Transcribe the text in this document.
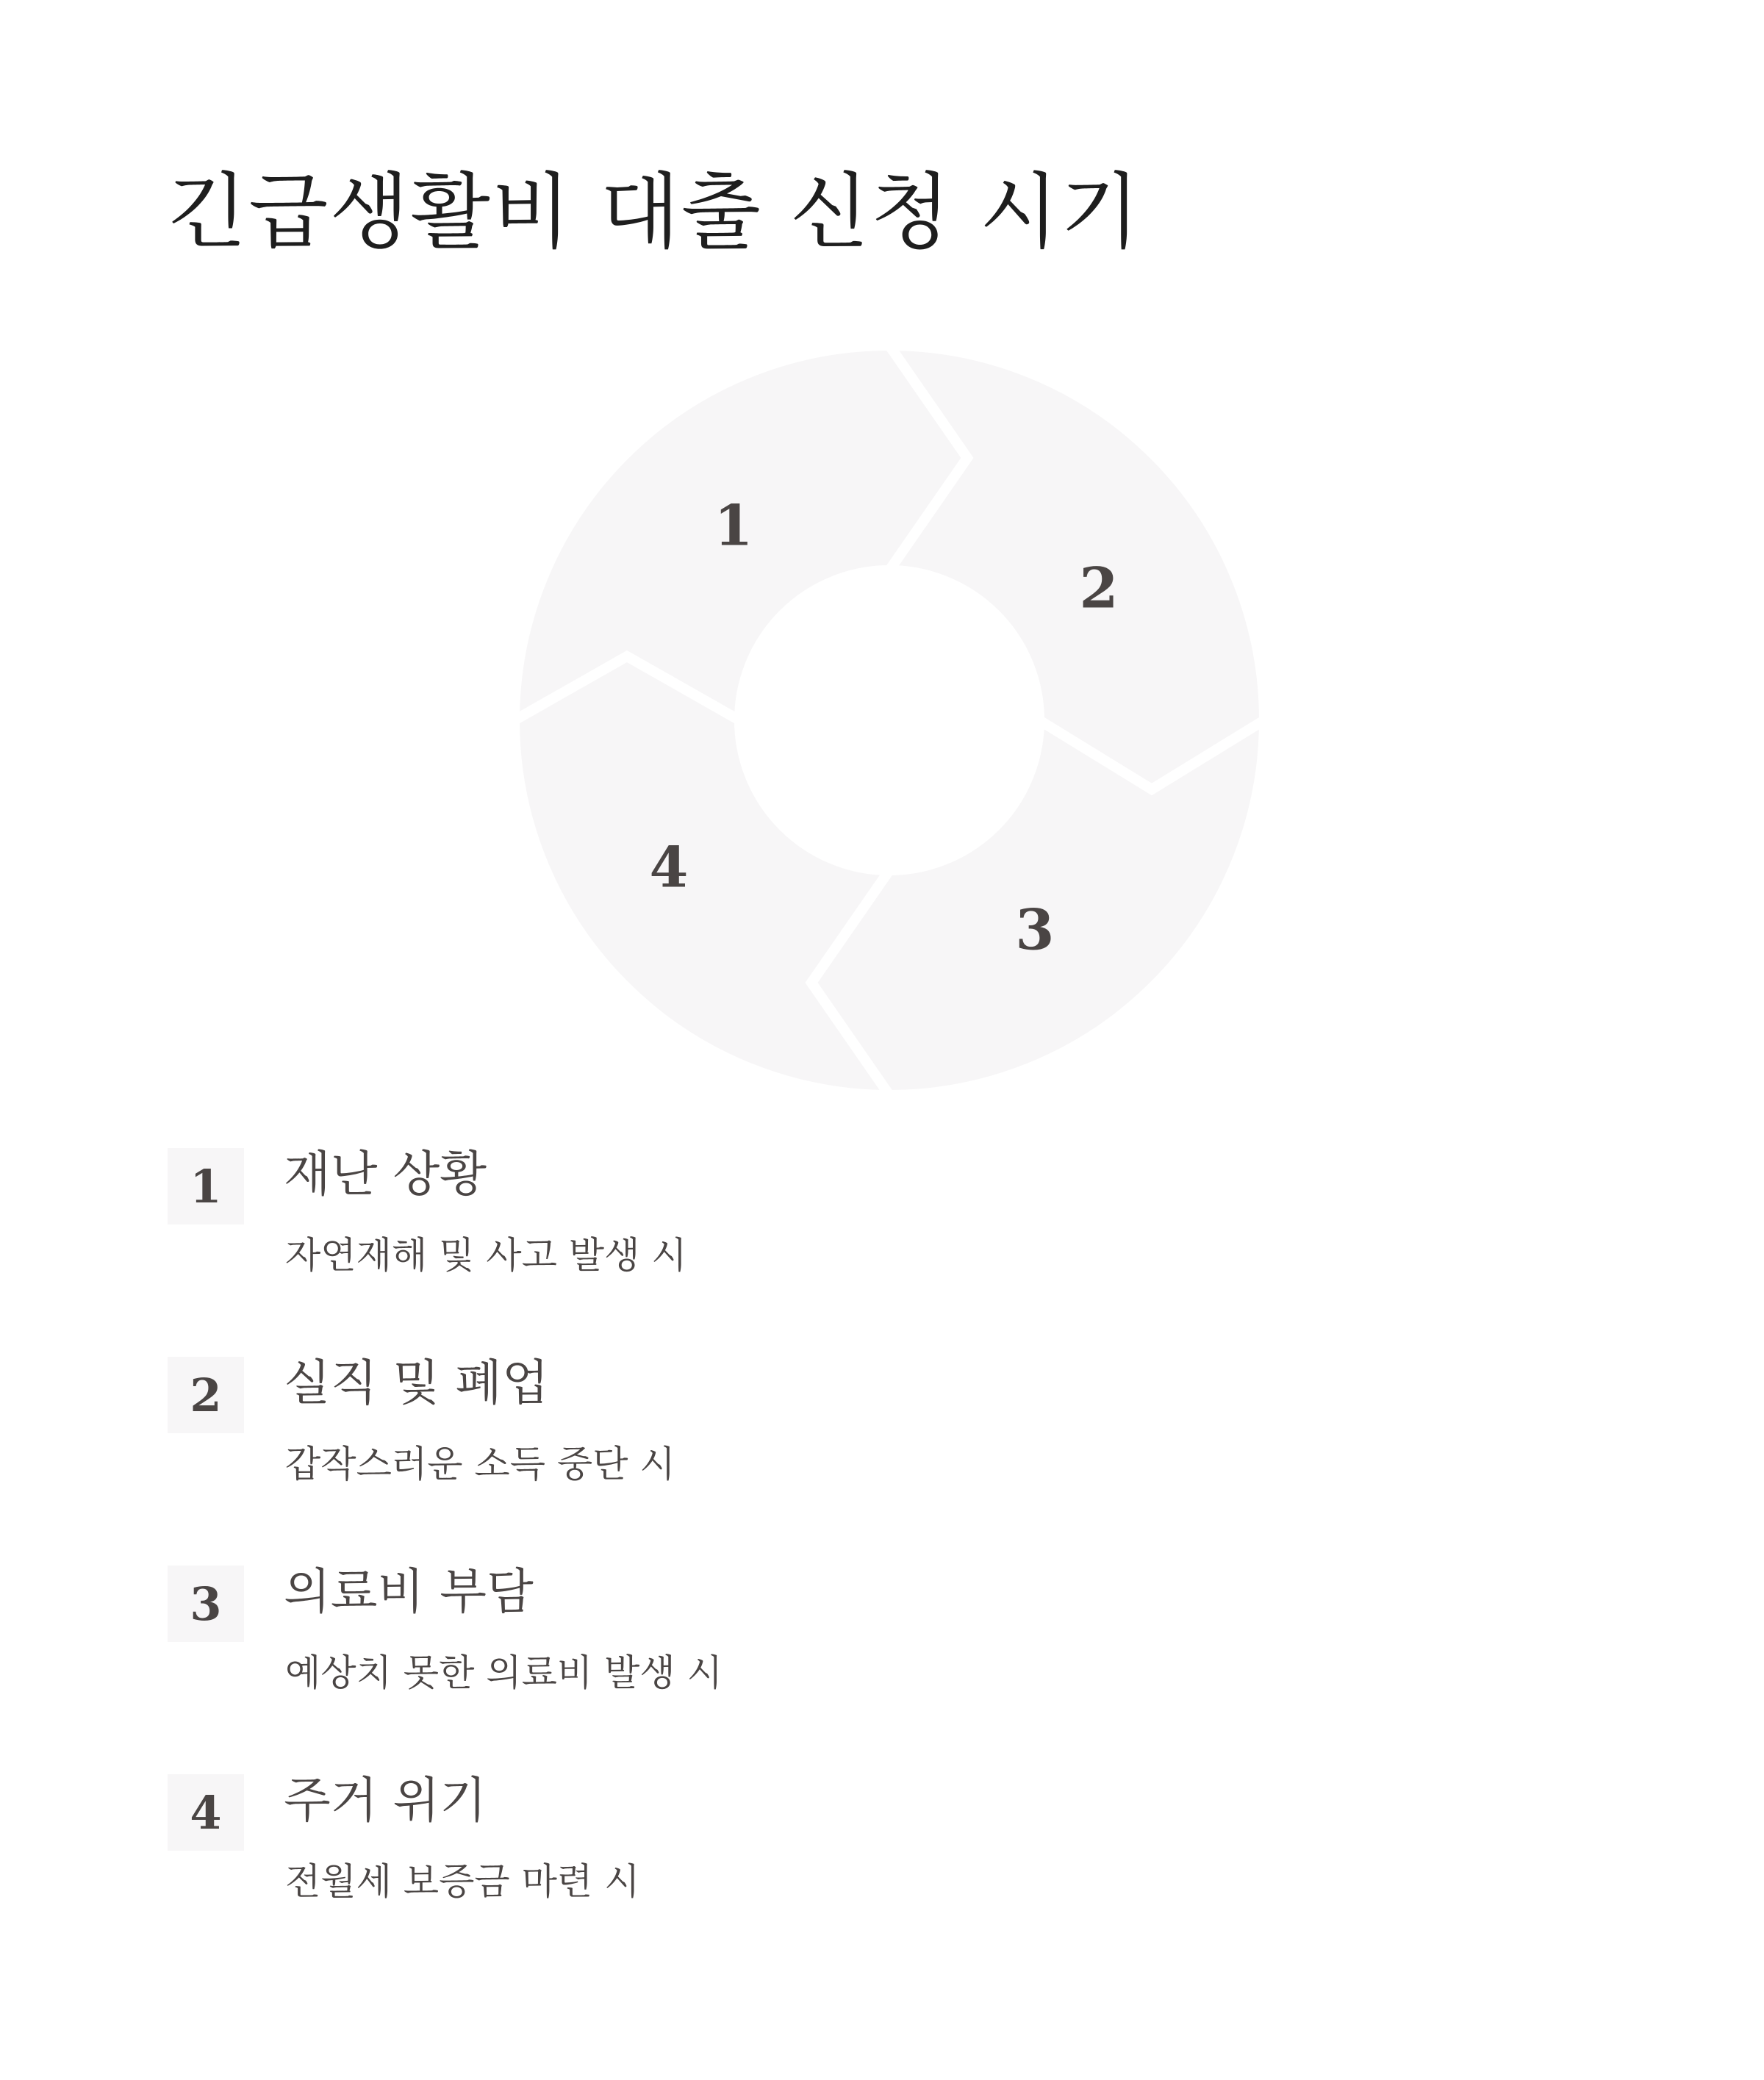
긴급생활비 대출 신청 시기
1
2
3
4
1	재난 상황

자연재해 및 사고 발생 시

2	실직 및 폐업

갑작스러운 소득 중단 시

3	의료비 부담

예상치 못한 의료비 발생 시

4	주거 위기

전월세 보증금 마련 시
